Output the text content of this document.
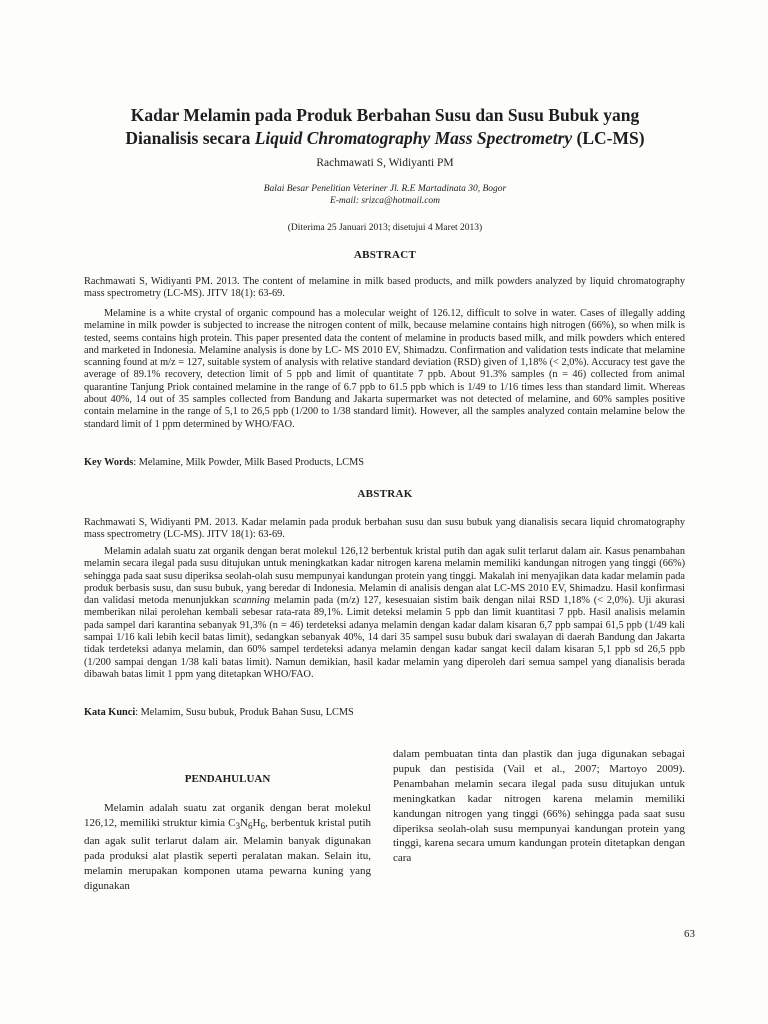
Kadar Melamin pada Produk Berbahan Susu dan Susu Bubuk yang
Dianalisis secara Liquid Chromatography Mass Spectrometry (LC-MS)
Rachmawati S, Widiyanti PM
Balai Besar Penelitian Veteriner Jl. R.E Martadinata 30, Bogor
E-mail: srizca@hotmail.com
(Diterima 25 Januari 2013; disetujui 4 Maret 2013)
ABSTRACT
Rachmawati S, Widiyanti PM. 2013. The content of melamine in milk based products, and milk powders analyzed by liquid chromatography mass spectrometry (LC-MS). JITV 18(1): 63-69.
Melamine is a white crystal of organic compound has a molecular weight of 126.12, difficult to solve in water. Cases of illegally adding melamine in milk powder is subjected to increase the nitrogen content of milk, because melamine contains high nitrogen (66%), so when milk is tested, seems contains high protein. This paper presented data the content of melamine in products based milk, and milk powders which entered and marketed in Indonesia. Melamine analysis is done by LC- MS 2010 EV, Shimadzu. Confirmation and validation tests indicate that melamine scanning found at m/z = 127, suitable system of analysis with relative standard deviation (RSD) given of 1,18% (< 2,0%). Accuracy test gave the average of 89.1% recovery, detection limit of 5 ppb and limit of quantitate 7 ppb. About 91.3% samples (n = 46) collected from animal quarantine Tanjung Priok contained melamine in the range of 6.7 ppb to 61.5 ppb which is 1/49 to 1/16 times less than standard limit. Whereas about 40%, 14 out of 35 samples collected from Bandung and Jakarta supermarket was not detected of melamine, and 60% samples positive contain melamine in the range of 5,1 to 26,5 ppb (1/200 to 1/38 standard limit). However, all the samples analyzed contain melamine below the standard limit of 1 ppm determined by WHO/FAO.
Key Words: Melamine, Milk Powder, Milk Based Products, LCMS
ABSTRAK
Rachmawati S, Widiyanti PM. 2013. Kadar melamin pada produk berbahan susu dan susu bubuk yang dianalisis secara liquid chromatography mass spectrometry (LC-MS). JITV 18(1): 63-69.
Melamin adalah suatu zat organik dengan berat molekul 126,12 berbentuk kristal putih dan agak sulit terlarut dalam air. Kasus penambahan melamin secara ilegal pada susu ditujukan untuk meningkatkan kadar nitrogen karena melamin memiliki kandungan nitrogen yang tinggi (66%) sehingga pada saat susu diperiksa seolah-olah susu mempunyai kandungan protein yang tinggi. Makalah ini menyajikan data kadar melamin pada produk berbasis susu, dan susu bubuk, yang beredar di Indonesia. Melamin di analisis dengan alat LC-MS 2010 EV, Shimadzu. Hasil konfirmasi dan validasi metoda menunjukkan scanning melamin pada (m/z) 127, kesesuaian sistim baik dengan nilai RSD 1,18% (< 2,0%). Uji akurasi memberikan nilai perolehan kembali sebesar rata-rata 89,1%. Limit deteksi melamin 5 ppb dan limit kuantitasi 7 ppb. Hasil analisis melamin pada sampel dari karantina sebanyak 91,3% (n = 46) terdeteksi adanya melamin dengan kadar dalam kisaran 6,7 ppb sampai 61,5 ppb (1/49 kali sampai 1/16 kali lebih kecil batas limit), sedangkan sebanyak 40%, 14 dari 35 sampel susu bubuk dari swalayan di daerah Bandung dan Jakarta tidak terdeteksi adanya melamin, dan 60% sampel terdeteksi adanya melamin dengan kadar sangat kecil dalam kisaran 5,1 ppb sd 26,5 ppb (1/200 sampai dengan 1/38 kali batas limit). Namun demikian, hasil kadar melamin yang diperoleh dari semua sampel yang dianalisis berada dibawah batas limit 1 ppm yang ditetapkan WHO/FAO.
Kata Kunci: Melamim, Susu bubuk, Produk Bahan Susu, LCMS
PENDAHULUAN

Melamin adalah suatu zat organik dengan berat molekul 126,12, memiliki struktur kimia $C_3N_6H_6$, berbentuk kristal putih dan agak sulit terlarut dalam air. Melamin banyak digunakan pada produksi alat plastik seperti peralatan makan. Selain itu, melamin merupakan komponen utama pewarna kuning yang digunakan

dalam pembuatan tinta dan plastik dan juga digunakan sebagai pupuk dan pestisida (Vail et al., 2007; Martoyo 2009). Penambahan melamin secara ilegal pada susu ditujukan untuk meningkatkan kadar nitrogen karena melamin memiliki kandungan nitrogen yang tinggi (66%) sehingga pada saat susu diperiksa seolah-olah susu mempunyai kandungan protein yang tinggi, karena secara umum kandungan protein ditetapkan dengan cara

63
